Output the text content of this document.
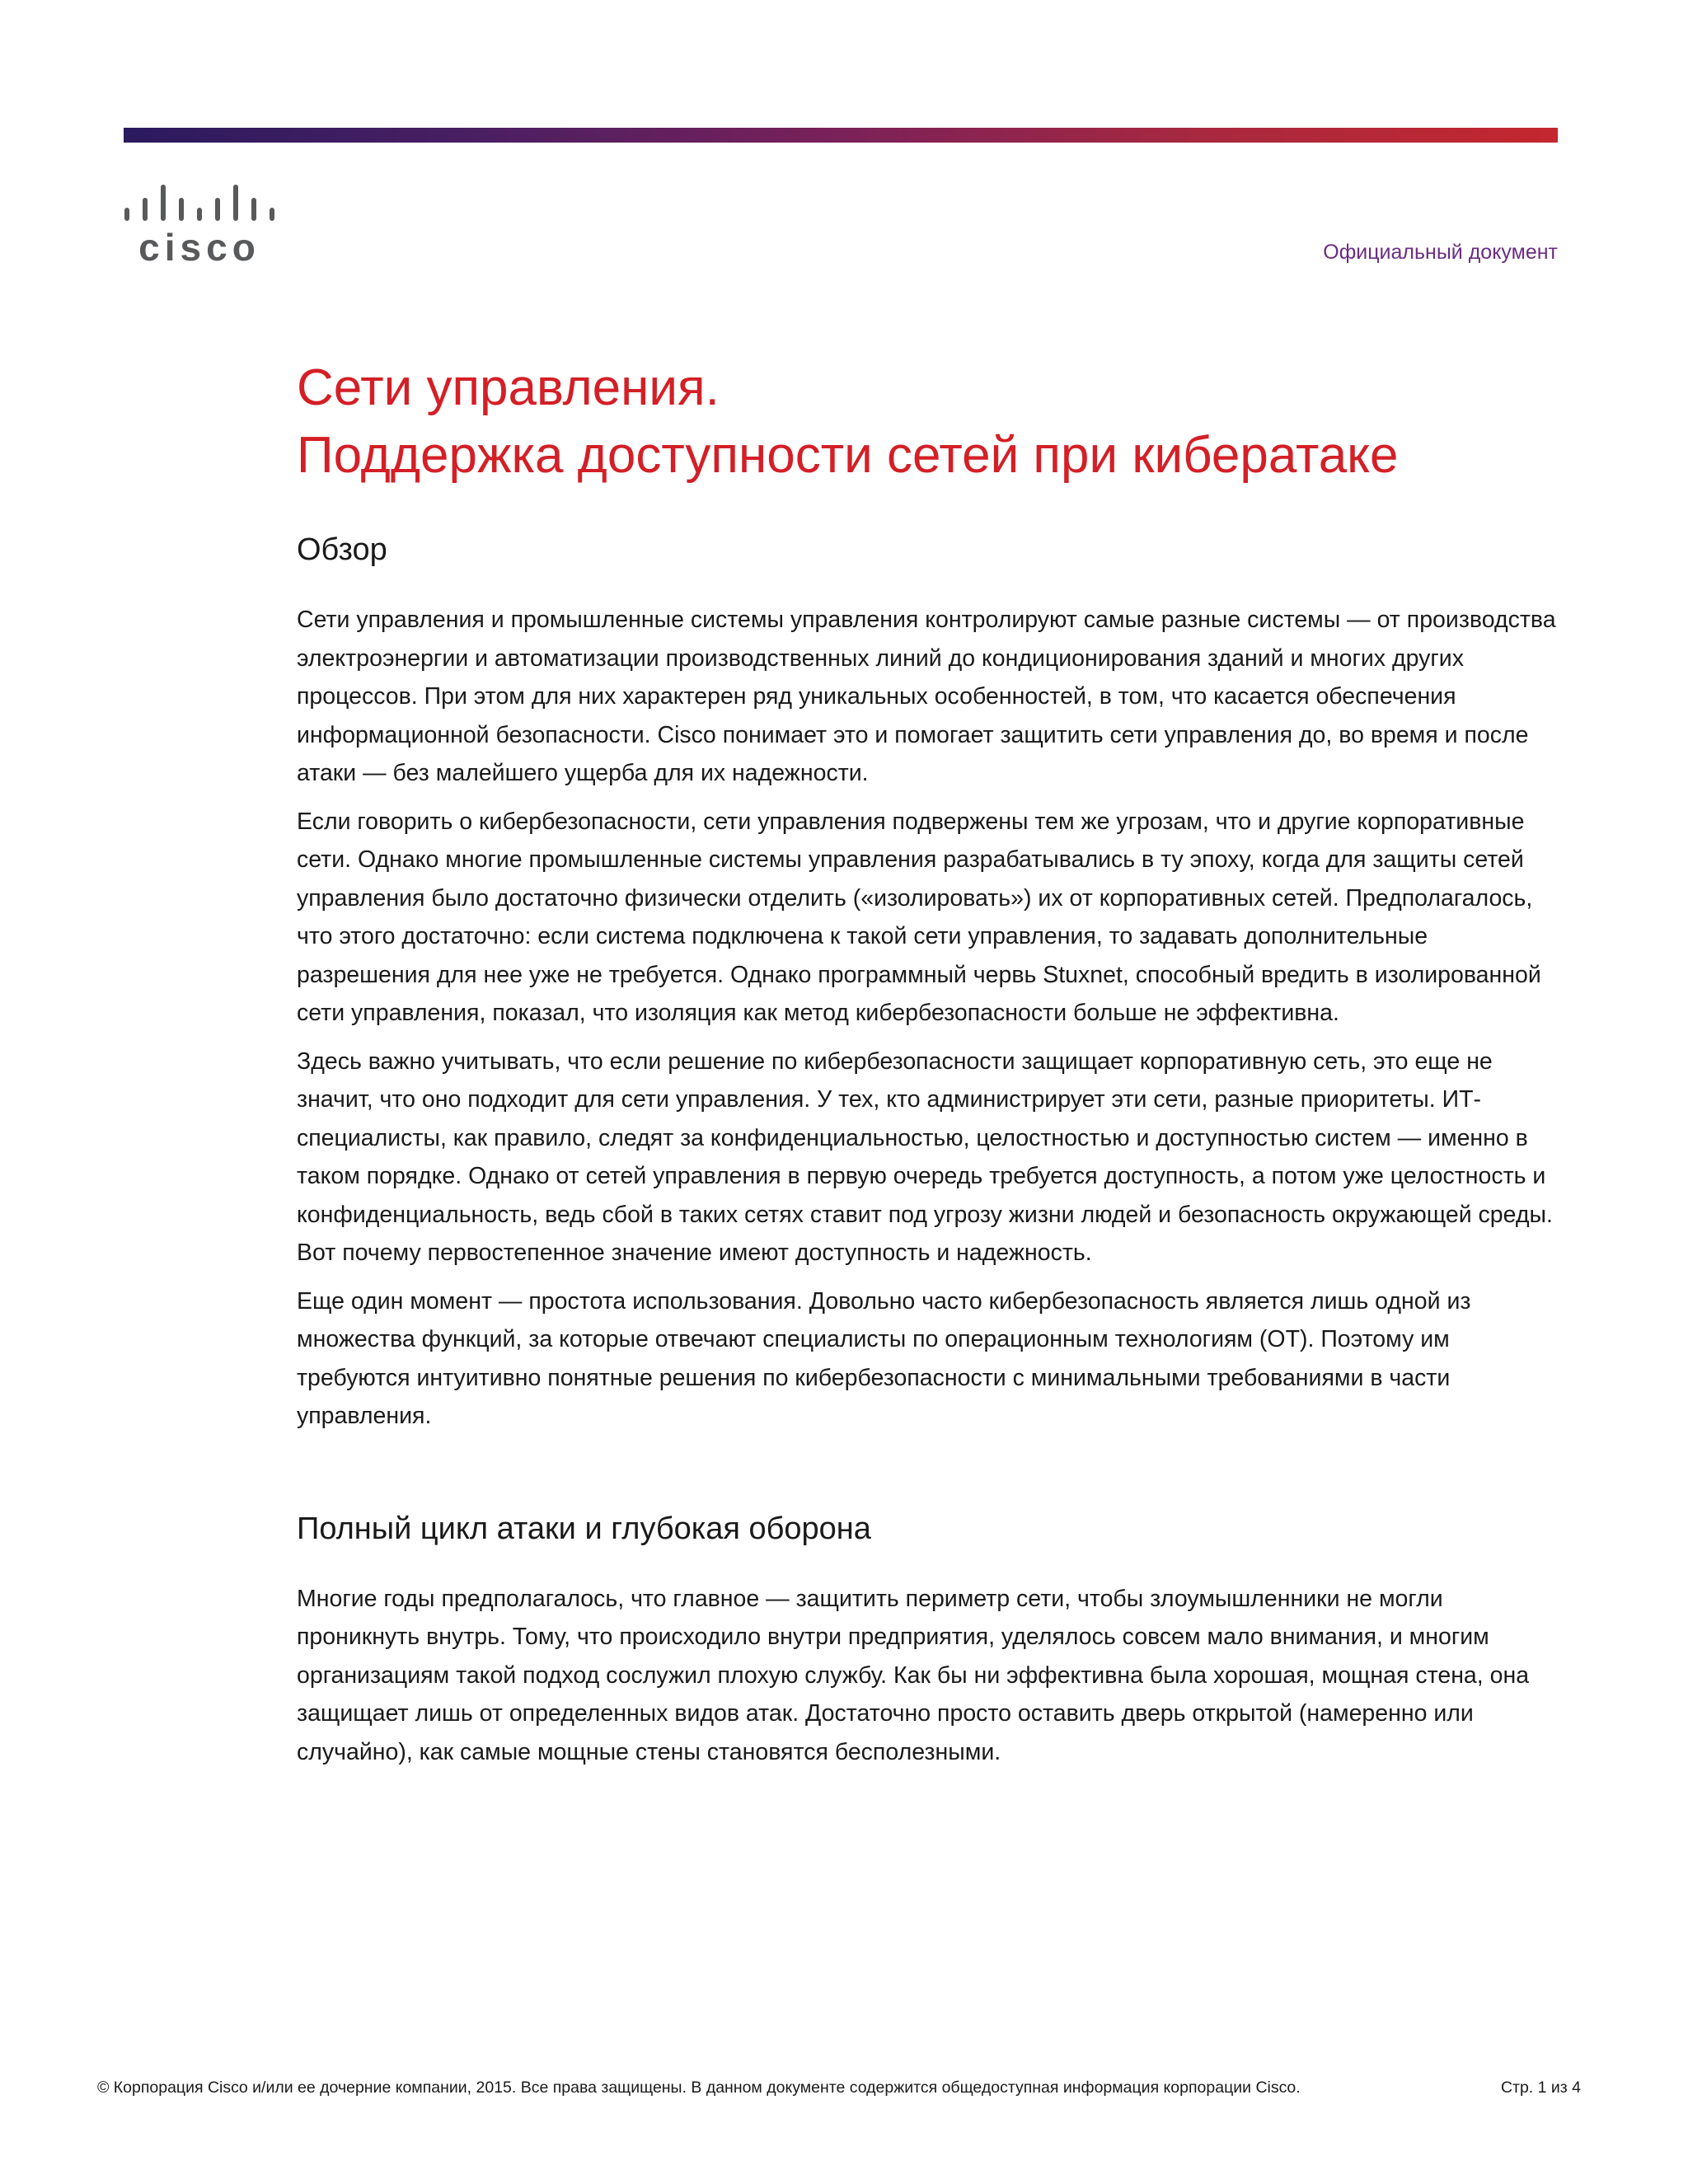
cisco	Официальный документ
Сети управления.
Поддержка доступности сетей при кибератаке
Обзор

Сети управления и промышленные системы управления контролируют самые разные системы — от производства электроэнергии и автоматизации производственных линий до кондиционирования зданий и многих других процессов. При этом для них характерен ряд уникальных особенностей, в том, что касается обеспечения информационной безопасности. Cisco понимает это и помогает защитить сети управления до, во время и после атаки — без малейшего ущерба для их надежности.

Если говорить о кибербезопасности, сети управления подвержены тем же угрозам, что и другие корпоративные сети. Однако многие промышленные системы управления разрабатывались в ту эпоху, когда для защиты сетей управления было достаточно физически отделить («изолировать») их от корпоративных сетей. Предполагалось, что этого достаточно: если система подключена к такой сети управления, то задавать дополнительные разрешения для нее уже не требуется. Однако программный червь Stuxnet, способный вредить в изолированной сети управления, показал, что изоляция как метод кибербезопасности больше не эффективна.

Здесь важно учитывать, что если решение по кибербезопасности защищает корпоративную сеть, это еще не значит, что оно подходит для сети управления. У тех, кто администрирует эти сети, разные приоритеты. ИТ-специалисты, как правило, следят за конфиденциальностью, целостностью и доступностью систем — именно в таком порядке. Однако от сетей управления в первую очередь требуется доступность, а потом уже целостность и конфиденциальность, ведь сбой в таких сетях ставит под угрозу жизни людей и безопасность окружающей среды. Вот почему первостепенное значение имеют доступность и надежность.

Еще один момент — простота использования. Довольно часто кибербезопасность является лишь одной из множества функций, за которые отвечают специалисты по операционным технологиям (ОТ). Поэтому им требуются интуитивно понятные решения по кибербезопасности с минимальными требованиями в части управления.

Полный цикл атаки и глубокая оборона

Многие годы предполагалось, что главное — защитить периметр сети, чтобы злоумышленники не могли проникнуть внутрь. Тому, что происходило внутри предприятия, уделялось совсем мало внимания, и многим организациям такой подход сослужил плохую службу. Как бы ни эффективна была хорошая, мощная стена, она защищает лишь от определенных видов атак. Достаточно просто оставить дверь открытой (намеренно или случайно), как самые мощные стены становятся бесполезными.

© Корпорация Cisco и/или ее дочерние компании, 2015. Все права защищены. В данном документе содержится общедоступная информация корпорации Cisco.	Стр. 1 из 4
